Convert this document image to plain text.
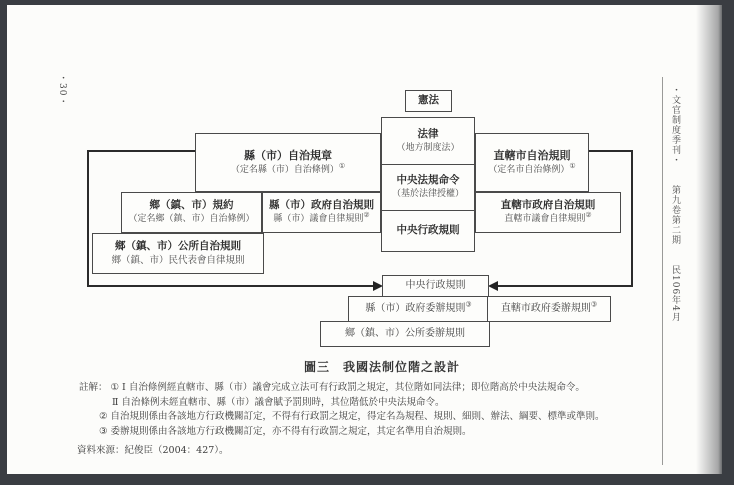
縣（市）自治規章
（定名縣（市）自治條例）①
直轄市自治規則
（定名市自治條例）①
鄉（鎮、市）規約
（定名鄉（鎮、市）自治條例）
縣（市）政府自治規則
縣（市）議會自律規則②
直轄市政府自治規則
直轄市議會自律規則②
鄉（鎮、市）公所自治規則
鄉（鎮、市）民代表會自律規則
法律
（地方制度法）
中央法規命令
（基於法律授權）
中央行政規則
憲法
中央行政規則
縣（市）政府委辦規則③	直轄市政府委辦規則③
鄉（鎮、市）公所委辦規則
圖三　我國法制位階之設計
註解： ① Ⅰ 自治條例經直轄市、縣（市）議會完成立法可有行政罰之規定，其位階如同法律；即位階高於中央法規命令。
Ⅱ 自治條例未經直轄市、縣（市）議會賦予罰則時，其位階低於中央法規命令。
② 自治規則係由各該地方行政機關訂定，不得有行政罰之規定，得定名為規程、規則、細則、辦法、綱要、標準或準則。
③ 委辦規則係由各該地方行政機關訂定，亦不得有行政罰之規定，其定名準用自治規則。
資料來源：紀俊臣（2004：427）。
・文官制度季刊・ 第九卷第二期 民106年4月
・30・
